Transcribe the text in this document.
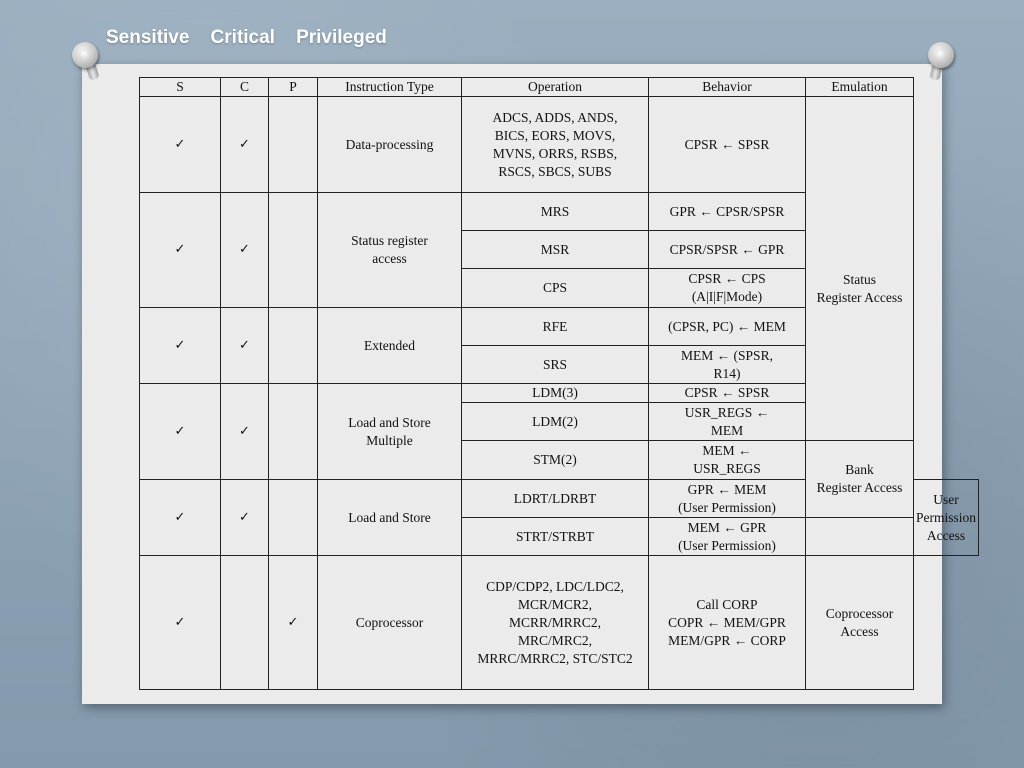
Sensitive    Critical    Privileged
S	C	P	Instruction Type	Operation	Behavior	Emulation	
✓	✓		Data-processing	ADCS, ADDS, ANDS,
BICS, EORS, MOVS,
MVNS, ORRS, RSBS,
RSCS, SBCS, SUBS	CPSR ← SPSR	Status
Register Access	
✓	✓		Status register
access	MRS	GPR ← CPSR/SPSR		
				MSR	CPSR/SPSR ← GPR		
				CPS	CPSR ← CPS
(A|I|F|Mode)		
✓	✓		Extended	RFE	(CPSR, PC) ← MEM		
				SRS	MEM ← (SPSR,
R14)		
✓	✓		Load and Store
Multiple	LDM(3)	CPSR ← SPSR		
				LDM(2)	USR_REGS ←
MEM		
				STM(2)	MEM ←
USR_REGS	Bank
Register Access	
✓	✓		Load and Store	LDRT/LDRBT	GPR ← MEM
(User Permission)		User
Permission
Access
				STRT/STRBT	MEM ← GPR
(User Permission)		
✓		✓	Coprocessor	CDP/CDP2, LDC/LDC2,
MCR/MCR2,
MCRR/MRRC2,
MRC/MRC2,
MRRC/MRRC2, STC/STC2	Call CORP
COPR ← MEM/GPR
MEM/GPR ← CORP	Coprocessor
Access	
